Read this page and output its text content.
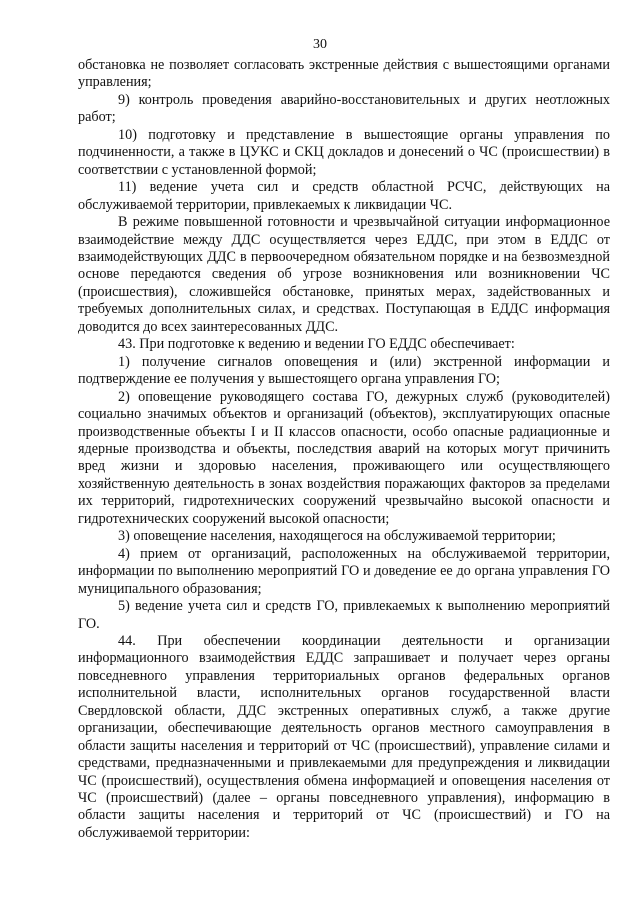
30

обстановка не позволяет согласовать экстренные действия с вышестоящими органами управления;

9) контроль проведения аварийно-восстановительных и других неотложных работ;

10) подготовку и представление в вышестоящие органы управления по подчиненности, а также в ЦУКС и СКЦ докладов и донесений о ЧС (происшествии) в соответствии с установленной формой;

11) ведение учета сил и средств областной РСЧС, действующих на обслуживаемой территории, привлекаемых к ликвидации ЧС.

В режиме повышенной готовности и чрезвычайной ситуации информационное взаимодействие между ДДС осуществляется через ЕДДС, при этом в ЕДДС от взаимодействующих ДДС в первоочередном обязательном порядке и на безвозмездной основе передаются сведения об угрозе возникновения или возникновении ЧС (происшествия), сложившейся обстановке, принятых мерах, задействованных и требуемых дополнительных силах, и средствах. Поступающая в ЕДДС информация доводится до всех заинтересованных ДДС.

43. При подготовке к ведению и ведении ГО ЕДДС обеспечивает:

1) получение сигналов оповещения и (или) экстренной информации и подтверждение ее получения у вышестоящего органа управления ГО;

2) оповещение руководящего состава ГО, дежурных служб (руководителей) социально значимых объектов и организаций (объектов), эксплуатирующих опасные производственные объекты I и II классов опасности, особо опасные радиационные и ядерные производства и объекты, последствия аварий на которых могут причинить вред жизни и здоровью населения, проживающего или осуществляющего хозяйственную деятельность в зонах воздействия поражающих факторов за пределами их территорий, гидротехнических сооружений чрезвычайно высокой опасности и гидротехнических сооружений высокой опасности;

3) оповещение населения, находящегося на обслуживаемой территории;

4) прием от организаций, расположенных на обслуживаемой территории, информации по выполнению мероприятий ГО и доведение ее до органа управления ГО муниципального образования;

5) ведение учета сил и средств ГО, привлекаемых к выполнению мероприятий ГО.

44. При обеспечении координации деятельности и организации информационного взаимодействия ЕДДС запрашивает и получает через органы повседневного управления территориальных органов федеральных органов исполнительной власти, исполнительных органов государственной власти Свердловской области, ДДС экстренных оперативных служб, а также другие организации, обеспечивающие деятельность органов местного самоуправления в области защиты населения и территорий от ЧС (происшествий), управление силами и средствами, предназначенными и привлекаемыми для предупреждения и ликвидации ЧС (происшествий), осуществления обмена информацией и оповещения населения от ЧС (происшествий) (далее – органы повседневного управления), информацию в области защиты населения и территорий от ЧС (происшествий) и ГО на обслуживаемой территории:
